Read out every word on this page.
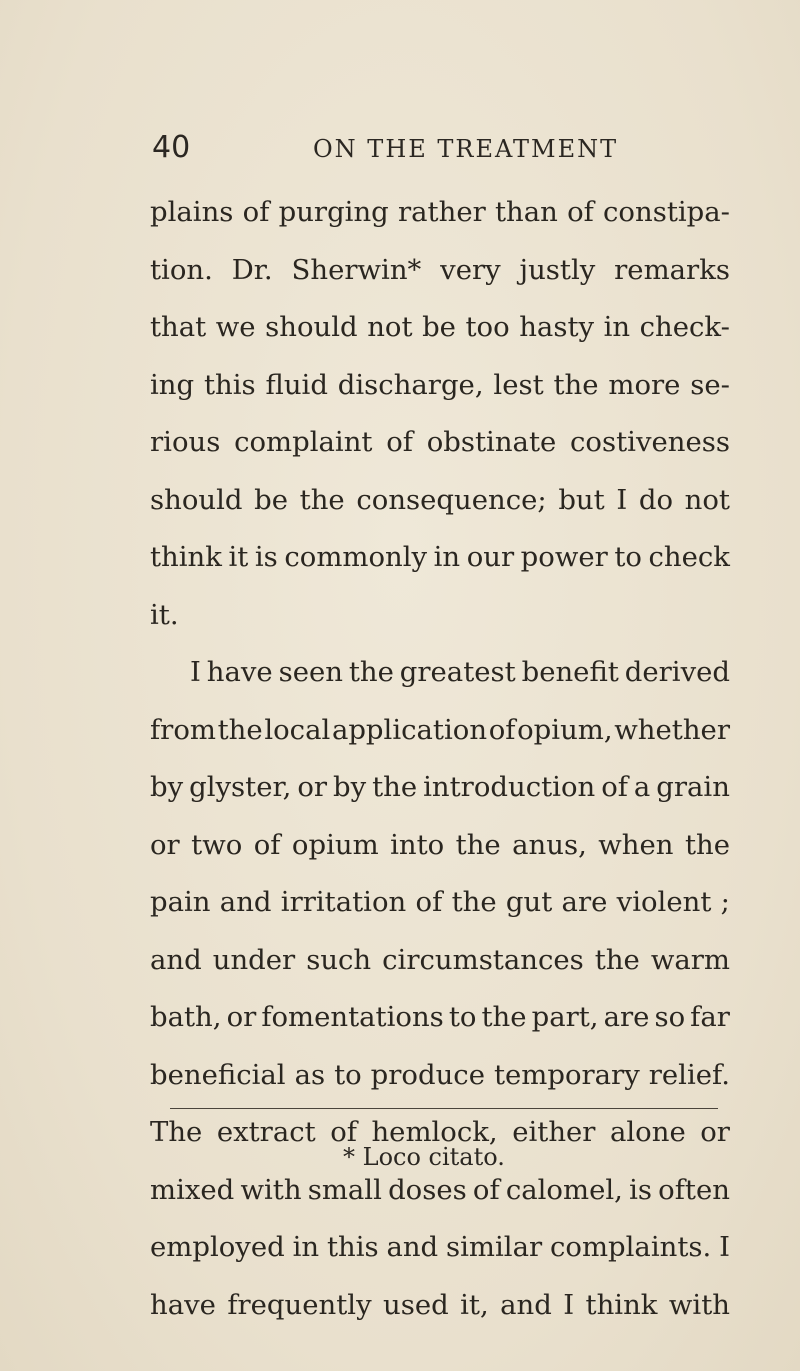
40	ON THE TREATMENT
plains of purging rather than of constipa-
tion. Dr. Sherwin* very justly remarks
that we should not be too hasty in check-
ing this fluid discharge, lest the more se-
rious complaint of obstinate costiveness
should be the consequence; but I do not
think it is commonly in our power to check
it.
I have seen the greatest benefit derived
from the local application of opium, whether
by glyster, or by the introduction of a grain
or two of opium into the anus, when the
pain and irritation of the gut are violent ;
and under such circumstances the warm
bath, or fomentations to the part, are so far
beneficial as to produce temporary relief.
The extract of hemlock, either alone or
mixed with small doses of calomel, is often
employed in this and similar complaints. I
have frequently used it, and I think with
* Loco citato.
